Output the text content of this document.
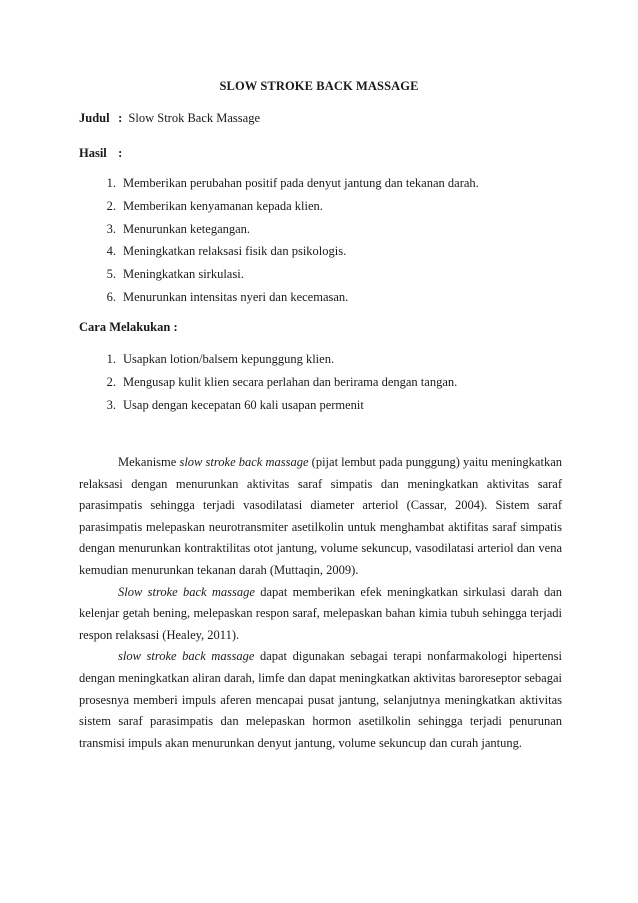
SLOW STROKE BACK MASSAGE
Judul : Slow Strok Back Massage
Hasil :
1. Memberikan perubahan positif pada denyut jantung dan tekanan darah.
2. Memberikan kenyamanan kepada klien.
3. Menurunkan ketegangan.
4. Meningkatkan relaksasi fisik dan psikologis.
5. Meningkatkan sirkulasi.
6. Menurunkan intensitas nyeri dan kecemasan.
Cara Melakukan :
1. Usapkan lotion/balsem kepunggung klien.
2. Mengusap kulit klien secara perlahan dan berirama dengan tangan.
3. Usap dengan kecepatan 60 kali usapan permenit

Mekanisme slow stroke back massage (pijat lembut pada punggung) yaitu meningkatkan relaksasi dengan menurunkan aktivitas saraf simpatis dan meningkatkan aktivitas saraf parasimpatis sehingga terjadi vasodilatasi diameter arteriol (Cassar, 2004). Sistem saraf parasimpatis melepaskan neurotransmiter asetilkolin untuk menghambat aktifitas saraf simpatis dengan menurunkan kontraktilitas otot jantung, volume sekuncup, vasodilatasi arteriol dan vena kemudian menurunkan tekanan darah (Muttaqin, 2009).

Slow stroke back massage dapat memberikan efek meningkatkan sirkulasi darah dan kelenjar getah bening, melepaskan respon saraf, melepaskan bahan kimia tubuh sehingga terjadi respon relaksasi (Healey, 2011).

slow stroke back massage dapat digunakan sebagai terapi nonfarmakologi hipertensi dengan meningkatkan aliran darah, limfe dan dapat meningkatkan aktivitas baroreseptor sebagai prosesnya memberi impuls aferen mencapai pusat jantung, selanjutnya meningkatkan aktivitas sistem saraf parasimpatis dan melepaskan hormon asetilkolin sehingga terjadi penurunan transmisi impuls akan menurunkan denyut jantung, volume sekuncup dan curah jantung.
